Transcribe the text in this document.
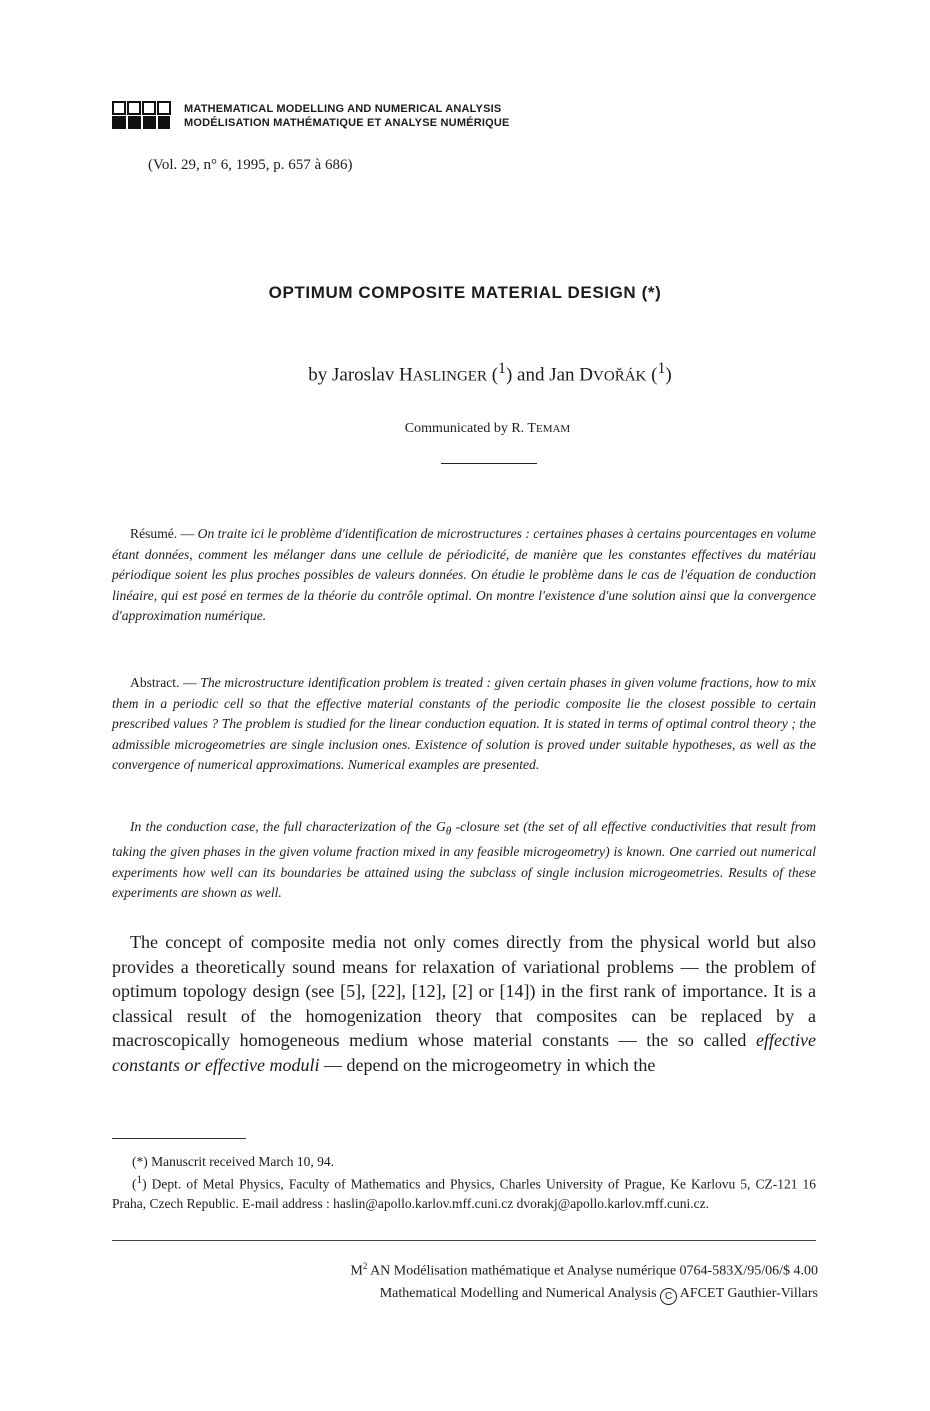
MATHEMATICAL MODELLING AND NUMERICAL ANALYSIS
MODÉLISATION MATHÉMATIQUE ET ANALYSE NUMÉRIQUE
(Vol. 29, n° 6, 1995, p. 657 à 686)
OPTIMUM COMPOSITE MATERIAL DESIGN (*)
by Jaroslav HASLINGER ($^1$) and Jan DVOŘÁK ($^1$)
Communicated by R. TEMAM
Résumé. — On traite ici le problème d'identification de microstructures : certaines phases à certains pourcentages en volume étant données, comment les mélanger dans une cellule de périodicité, de manière que les constantes effectives du matériau périodique soient les plus proches possibles de valeurs données. On étudie le problème dans le cas de l'équation de conduction linéaire, qui est posé en termes de la théorie du contrôle optimal. On montre l'existence d'une solution ainsi que la convergence d'approximation numérique.
Abstract. — The microstructure identification problem is treated : given certain phases in given volume fractions, how to mix them in a periodic cell so that the effective material constants of the periodic composite lie the closest possible to certain prescribed values ? The problem is studied for the linear conduction equation. It is stated in terms of optimal control theory ; the admissible microgeometries are single inclusion ones. Existence of solution is proved under suitable hypotheses, as well as the convergence of numerical approximations. Numerical examples are presented.
In the conduction case, the full characterization of the $G_\theta$ -closure set (the set of all effective conductivities that result from taking the given phases in the given volume fraction mixed in any feasible microgeometry) is known. One carried out numerical experiments how well can its boundaries be attained using the subclass of single inclusion microgeometries. Results of these experiments are shown as well.
The concept of composite media not only comes directly from the physical world but also provides a theoretically sound means for relaxation of variational problems — the problem of optimum topology design (see [5], [22], [12], [2] or [14]) in the first rank of importance. It is a classical result of the homogenization theory that composites can be replaced by a macroscopically homogeneous medium whose material constants — the so called effective constants or effective moduli — depend on the microgeometry in which the
(*) Manuscrit received March 10, 94.
($^1$) Dept. of Metal Physics, Faculty of Mathematics and Physics, Charles University of Prague, Ke Karlovu 5, CZ-121 16 Praha, Czech Republic. E-mail address : haslin@apollo.karlov.mff.cuni.cz dvorakj@apollo.karlov.mff.cuni.cz.
$M^2$ AN Modélisation mathématique et Analyse numérique 0764-583X/95/06/$ 4.00
Mathematical Modelling and Numerical Analysis C AFCET Gauthier-Villars
